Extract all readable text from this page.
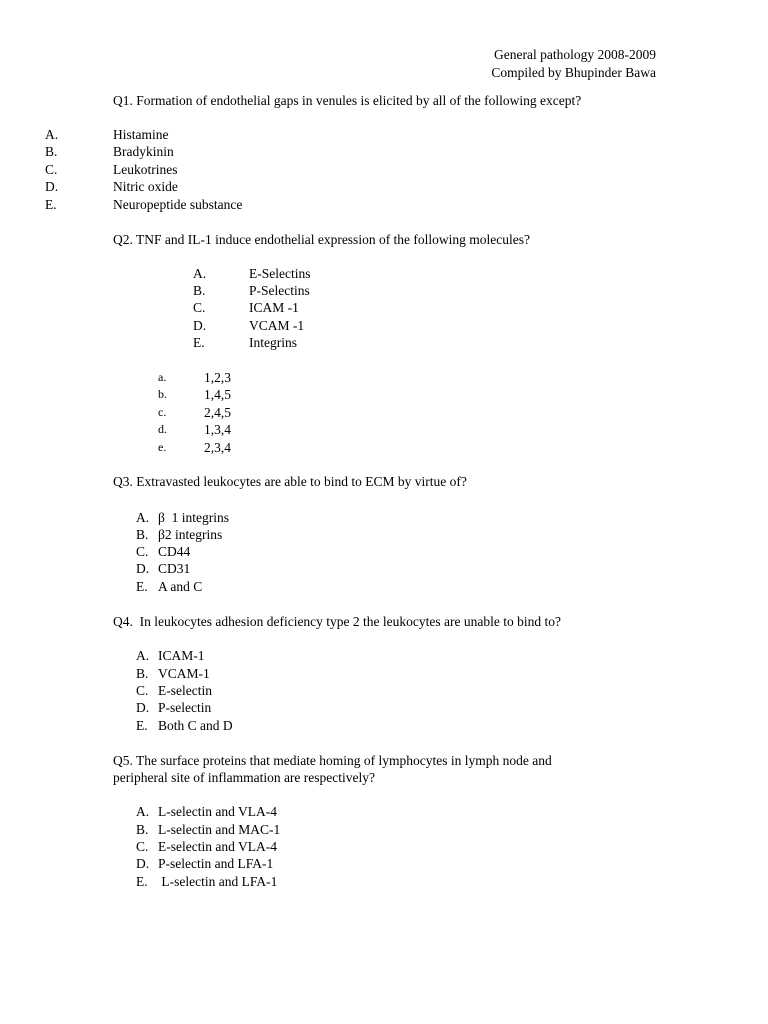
General pathology 2008-2009
Compiled by Bhupinder Bawa
Q1. Formation of endothelial gaps in venules is elicited by all of the following except?
A.	Histamine
B.	Bradykinin
C.	Leukotrines
D.	Nitric oxide
E.	Neuropeptide substance
Q2. TNF and IL-1 induce endothelial expression of the following molecules?
A.	E-Selectins
B.	P-Selectins
C.	ICAM -1
D.	VCAM -1
E.	Integrins
a.	1,2,3
b.	1,4,5
c.	2,4,5
d.	1,3,4
e.	2,3,4
Q3. Extravasted leukocytes are able to bind to ECM by virtue of?
A. β  1 integrins
B. β2 integrins
C. CD44
D. CD31
E. A and C
Q4.  In leukocytes adhesion deficiency type 2 the leukocytes are unable to bind to?
A. ICAM-1
B. VCAM-1
C. E-selectin
D. P-selectin
E. Both C and D
Q5. The surface proteins that mediate homing of lymphocytes in lymph node and
peripheral site of inflammation are respectively?
A. L-selectin and VLA-4
B. L-selectin and MAC-1
C. E-selectin and VLA-4
D. P-selectin and LFA-1
E. L-selectin and LFA-1
